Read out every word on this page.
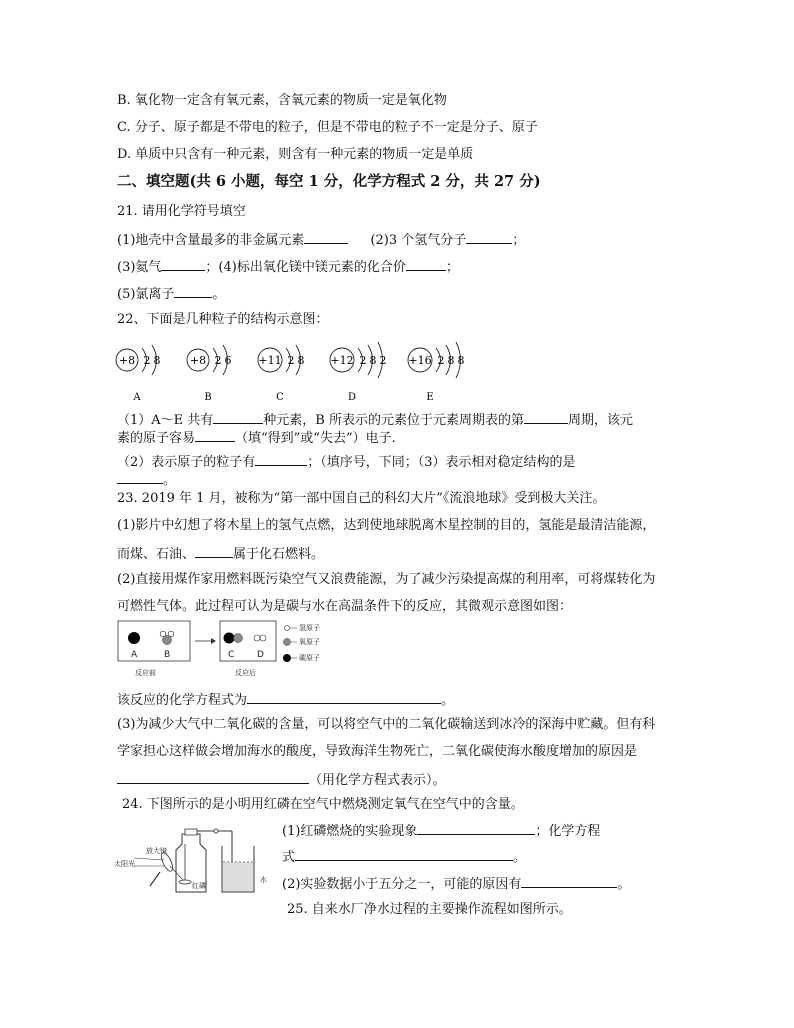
B. 氧化物一定含有氧元素，含氧元素的物质一定是氧化物
C. 分子、原子都是不带电的粒子，但是不带电的粒子不一定是分子、原子
D. 单质中只含有一种元素，则含有一种元素的物质一定是单质
二、填空题(共 6 小题，每空 1 分，化学方程式 2 分，共 27 分)
21. 请用化学符号填空
(1)地壳中含量最多的非金属元素	(2)3 个氢气分子	；
(3)氦气	；(4)标出氧化镁中镁元素的化合价	；
(5)氯离子	。
22、下面是几种粒子的结构示意图：
+8 2 8
A
+8 2 6
B
+11 2 8
C
+12 2 8 2
D
+16 2 8 8
E
（1）A～E 共有	种元素，B 所表示的元素位于元素周期表的第	周期，该元
素的原子容易	（填“得到”或“失去”）电子.
（2）表示原子的粒子有	；（填序号，下同；（3）表示相对稳定结构的是
。
23. 2019 年 1 月，被称为“第一部中国自己的科幻大片”《流浪地球》受到极大关注。
(1)影片中幻想了将木星上的氢气点燃，达到使地球脱离木星控制的目的，氢能是最清洁能源，
而煤、石油、	属于化石燃料。
(2)直接用煤作家用燃料既污染空气又浪费能源，为了减少污染提高煤的利用率，可将煤转化为
可燃性气体。此过程可认为是碳与水在高温条件下的反应，其微观示意图如图：
A	B	C	D
反应前	反应后
氢原子
氧原子
碳原子
该反应的化学方程式为	。
(3)为减少大气中二氧化碳的含量，可以将空气中的二氧化碳输送到冰冷的深海中贮藏。但有科
学家担心这样做会增加海水的酸度，导致海洋生物死亡，二氧化碳使海水酸度增加的原因是
（用化学方程式表示）。
24. 下图所示的是小明用红磷在空气中燃烧测定氧气在空气中的含量。
放大镜
太阳光
红磷
水
(1)红磷燃烧的实验现象	；化学方程
式	。
(2)实验数据小于五分之一，可能的原因有	。
25. 自来水厂净水过程的主要操作流程如图所示。
